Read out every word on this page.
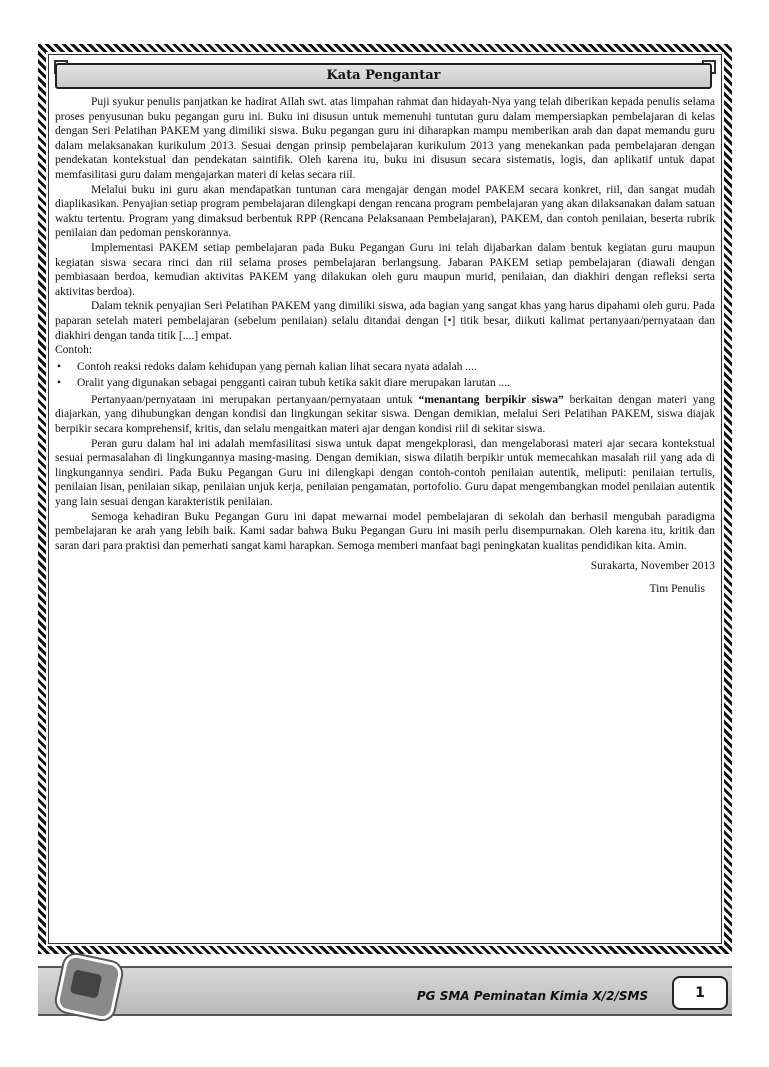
Kata Pengantar

Puji syukur penulis panjatkan ke hadirat Allah swt. atas limpahan rahmat dan hidayah-Nya yang telah diberikan kepada penulis selama proses penyusunan buku pegangan guru ini. Buku ini disusun untuk memenuhi tuntutan guru dalam mempersiapkan pembelajaran di kelas dengan Seri Pelatihan PAKEM yang dimiliki siswa. Buku pegangan guru ini diharapkan mampu memberikan arah dan dapat memandu guru dalam melaksanakan kurikulum 2013. Sesuai dengan prinsip pembelajaran kurikulum 2013 yang menekankan pada pembelajaran dengan pendekatan kontekstual dan pendekatan saintifik. Oleh karena itu, buku ini disusun secara sistematis, logis, dan aplikatif untuk dapat memfasilitasi guru dalam mengajarkan materi di kelas secara riil.

Melalui buku ini guru akan mendapatkan tuntunan cara mengajar dengan model PAKEM secara konkret, riil, dan sangat mudah diaplikasikan. Penyajian setiap program pembelajaran dilengkapi dengan rencana program pembelajaran yang akan dilaksanakan dalam satuan waktu tertentu. Program yang dimaksud berbentuk RPP (Rencana Pelaksanaan Pembelajaran), PAKEM, dan contoh penilaian, beserta rubrik penilaian dan pedoman penskorannya.

Implementasi PAKEM setiap pembelajaran pada Buku Pegangan Guru ini telah dijabarkan dalam bentuk kegiatan guru maupun kegiatan siswa secara rinci dan riil selama proses pembelajaran berlangsung. Jabaran PAKEM setiap pembelajaran (diawali dengan pembiasaan berdoa, kemudian aktivitas PAKEM yang dilakukan oleh guru maupun murid, penilaian, dan diakhiri dengan refleksi serta aktivitas berdoa).

Dalam teknik penyajian Seri Pelatihan PAKEM yang dimiliki siswa, ada bagian yang sangat khas yang harus dipahami oleh guru. Pada paparan setelah materi pembelajaran (sebelum penilaian) selalu ditandai dengan [•] titik besar, diikuti kalimat pertanyaan/pernyataan dan diakhiri dengan tanda titik [....] empat.

Contoh:

• Contoh reaksi redoks dalam kehidupan yang pernah kalian lihat secara nyata adalah ....
• Oralit yang digunakan sebagai pengganti cairan tubuh ketika sakit diare merupakan larutan ....

Pertanyaan/pernyataan ini merupakan pertanyaan/pernyataan untuk “menantang berpikir siswa” berkaitan dengan materi yang diajarkan, yang dihubungkan dengan kondisi dan lingkungan sekitar siswa. Dengan demikian, melalui Seri Pelatihan PAKEM, siswa diajak berpikir secara komprehensif, kritis, dan selalu mengaitkan materi ajar dengan kondisi riil di sekitar siswa.

Peran guru dalam hal ini adalah memfasilitasi siswa untuk dapat mengekplorasi, dan mengelaborasi materi ajar secara kontekstual sesuai permasalahan di lingkungannya masing-masing. Dengan demikian, siswa dilatih berpikir untuk memecahkan masalah riil yang ada di lingkungannya sendiri. Pada Buku Pegangan Guru ini dilengkapi dengan contoh-contoh penilaian autentik, meliputi: penilaian tertulis, penilaian lisan, penilaian sikap, penilaian unjuk kerja, penilaian pengamatan, portofolio. Guru dapat mengembangkan model penilaian autentik yang lain sesuai dengan karakteristik penilaian.

Semoga kehadiran Buku Pegangan Guru ini dapat mewarnai model pembelajaran di sekolah dan berhasil mengubah paradigma pembelajaran ke arah yang lebih baik. Kami sadar bahwa Buku Pegangan Guru ini masih perlu disempurnakan. Oleh karena itu, kritik dan saran dari para praktisi dan pemerhati sangat kami harapkan. Semoga memberi manfaat bagi peningkatan kualitas pendidikan kita. Amin.

Surakarta, November 2013
Tim Penulis
PG SMA Peminatan Kimia X/2/SMS	1
